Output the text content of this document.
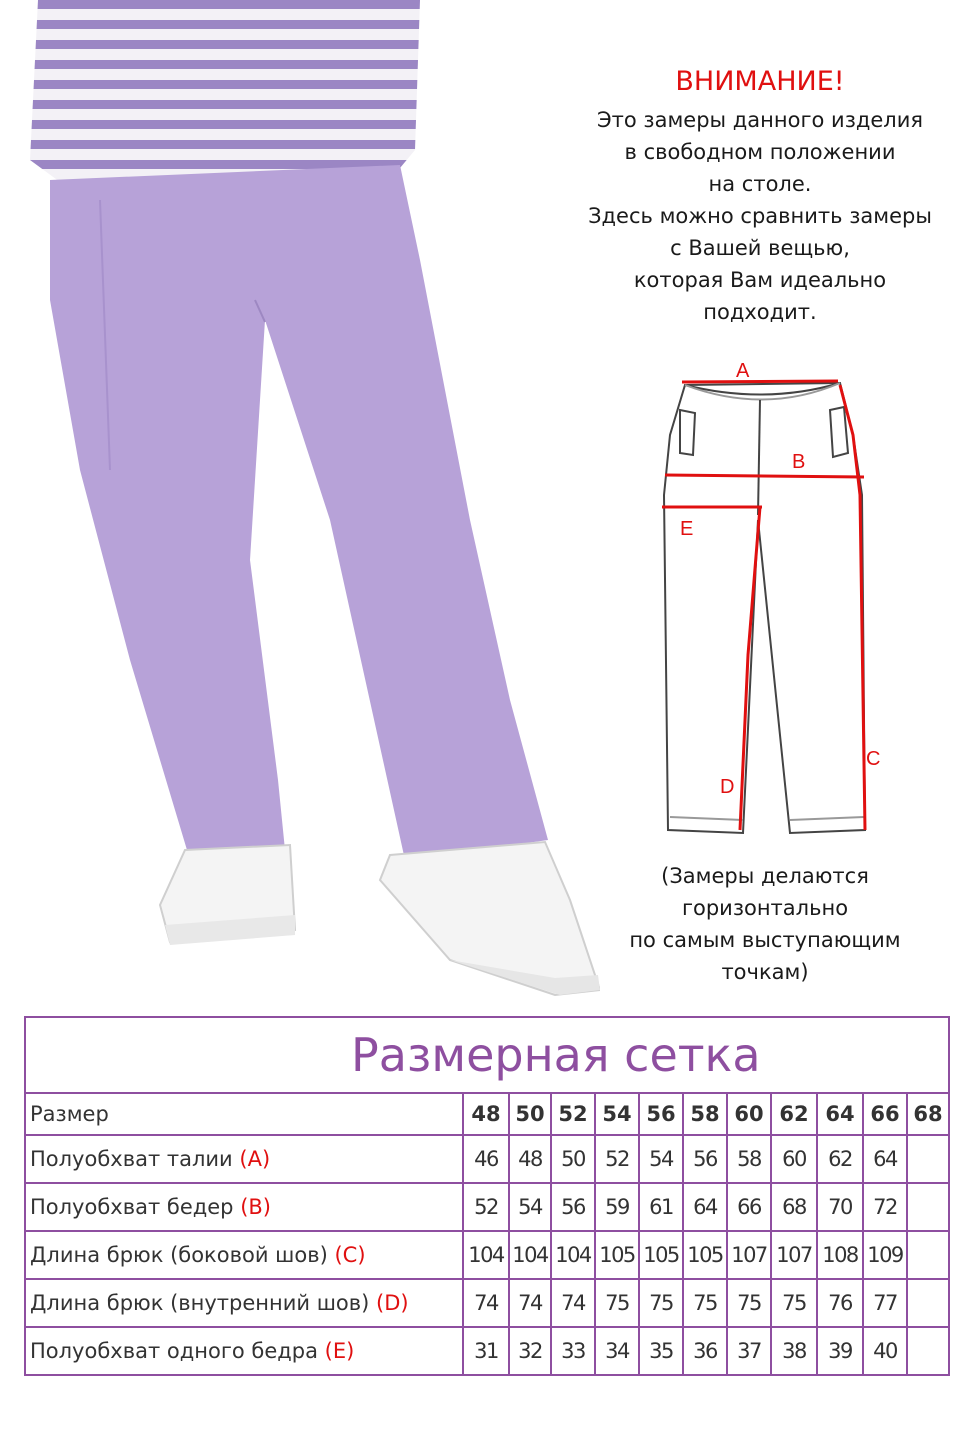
ВНИМАНИЕ!
Это замеры данного изделия
в свободном положении
на столе.
Здесь можно сравнить замеры
с Вашей вещью,
которая Вам идеально
подходит.
A
B
C
D
E
(Замеры делаются
горизонтально
по самым выступающим
точкам)
Размерная сетка											
Размер	48	50	52	54	56	58	60	62	64	66	68
Полуобхват талии (A)	46	48	50	52	54	56	58	60	62	64	
Полуобхват бедер (B)	52	54	56	59	61	64	66	68	70	72	
Длина брюк (боковой шов) (C)	104	104	104	105	105	105	107	107	108	109	
Длина брюк (внутренний шов) (D)	74	74	74	75	75	75	75	75	76	77	
Полуобхват одного бедра (E)	31	32	33	34	35	36	37	38	39	40	
